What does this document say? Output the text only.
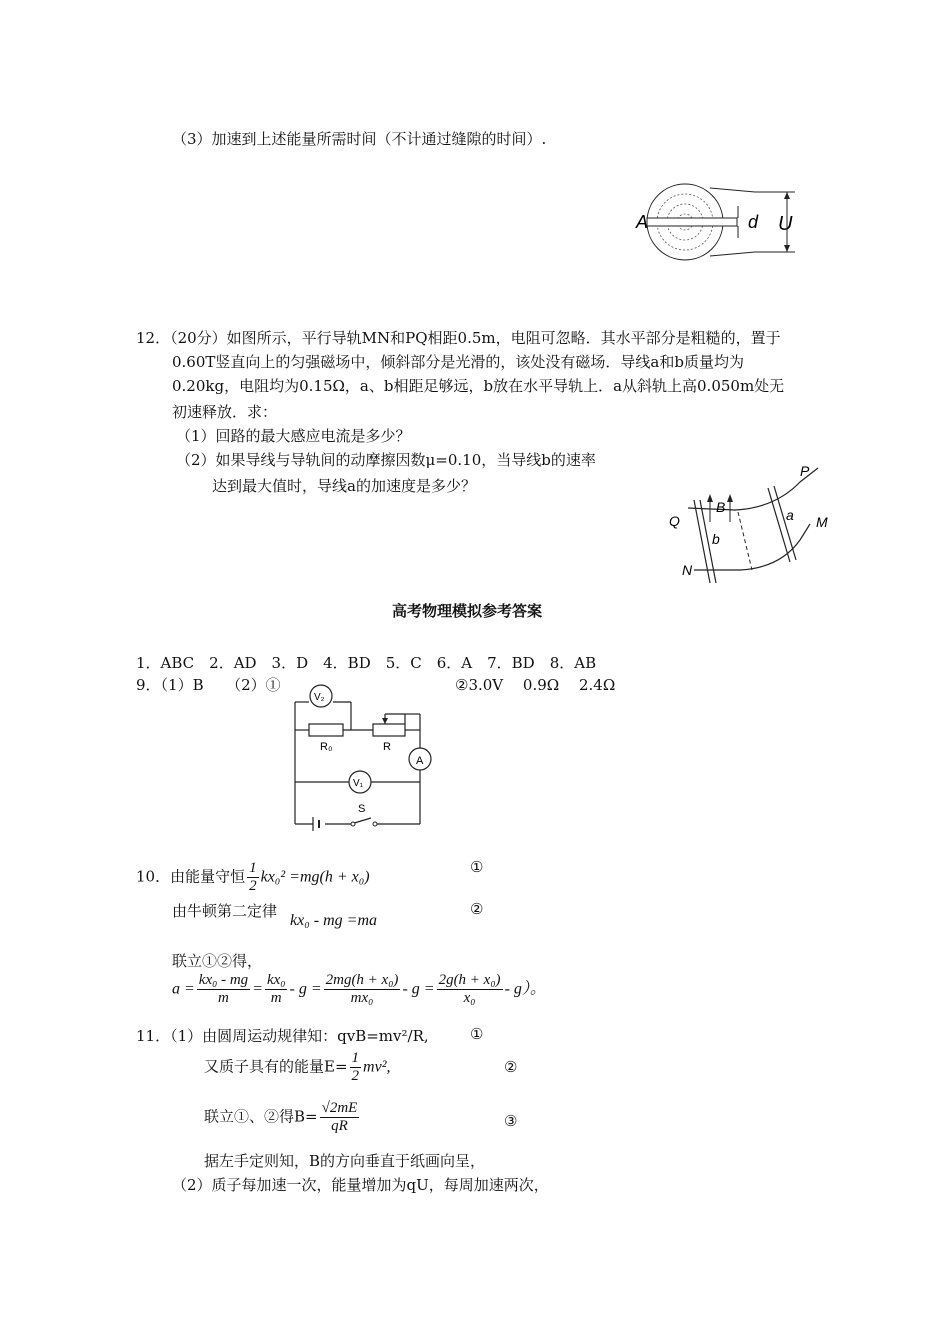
（3）加速到上述能量所需时间（不计通过缝隙的时间）.
A	d U
12．（20分）如图所示，平行导轨MN和PQ相距0.5m，电阻可忽略．其水平部分是粗糙的，置于
0.60T竖直向上的匀强磁场中，倾斜部分是光滑的，该处没有磁场．导线a和b质量均为
0.20kg，电阻均为0.15Ω，a、b相距足够远，b放在水平导轨上．a从斜轨上高0.050m处无
初速释放．求：
（1）回路的最大感应电流是多少？
（2）如果导线与导轨间的动摩擦因数μ=0.10，当导线b的速率
达到最大值时，导线a的加速度是多少？
P
B	a M
Q
b
N
高考物理模拟参考答案
1．ABC　2．AD　3．D　4．BD　5．C　6．A　7．BD　8．AB
9．（1）B　　（2）①	②3.0V　 0.9Ω　 2.4Ω
V₂
A
V₁
R₀	R
S
10．由能量守恒 $\frac{1}{2} kx_0^2 =mg(h + x_0)$
①
由牛顿第二定律
kx₀ - mg =ma
②
联立①②得，
$a = \frac{\text{kx₀ - mg}}{m} = \frac{\text{kx₀}}{m} - g = \frac{\text{2mg(h + x₀)}}{\text{mx₀}} - g = \frac{\text{2g(h + x₀)}}{\text{x₀}} - g$）。
11．（1）由圆周运动规律知：qvB=mv²/R,	①
又质子具有的能量$E= \frac{1}{2} mv^2$,	②
联立①、②得$B= \frac{√2mE}{qR}$	③
据左手定则知，B的方向垂直于纸画向呈，
（2）质子每加速一次，能量增加为qU，每周加速两次，
